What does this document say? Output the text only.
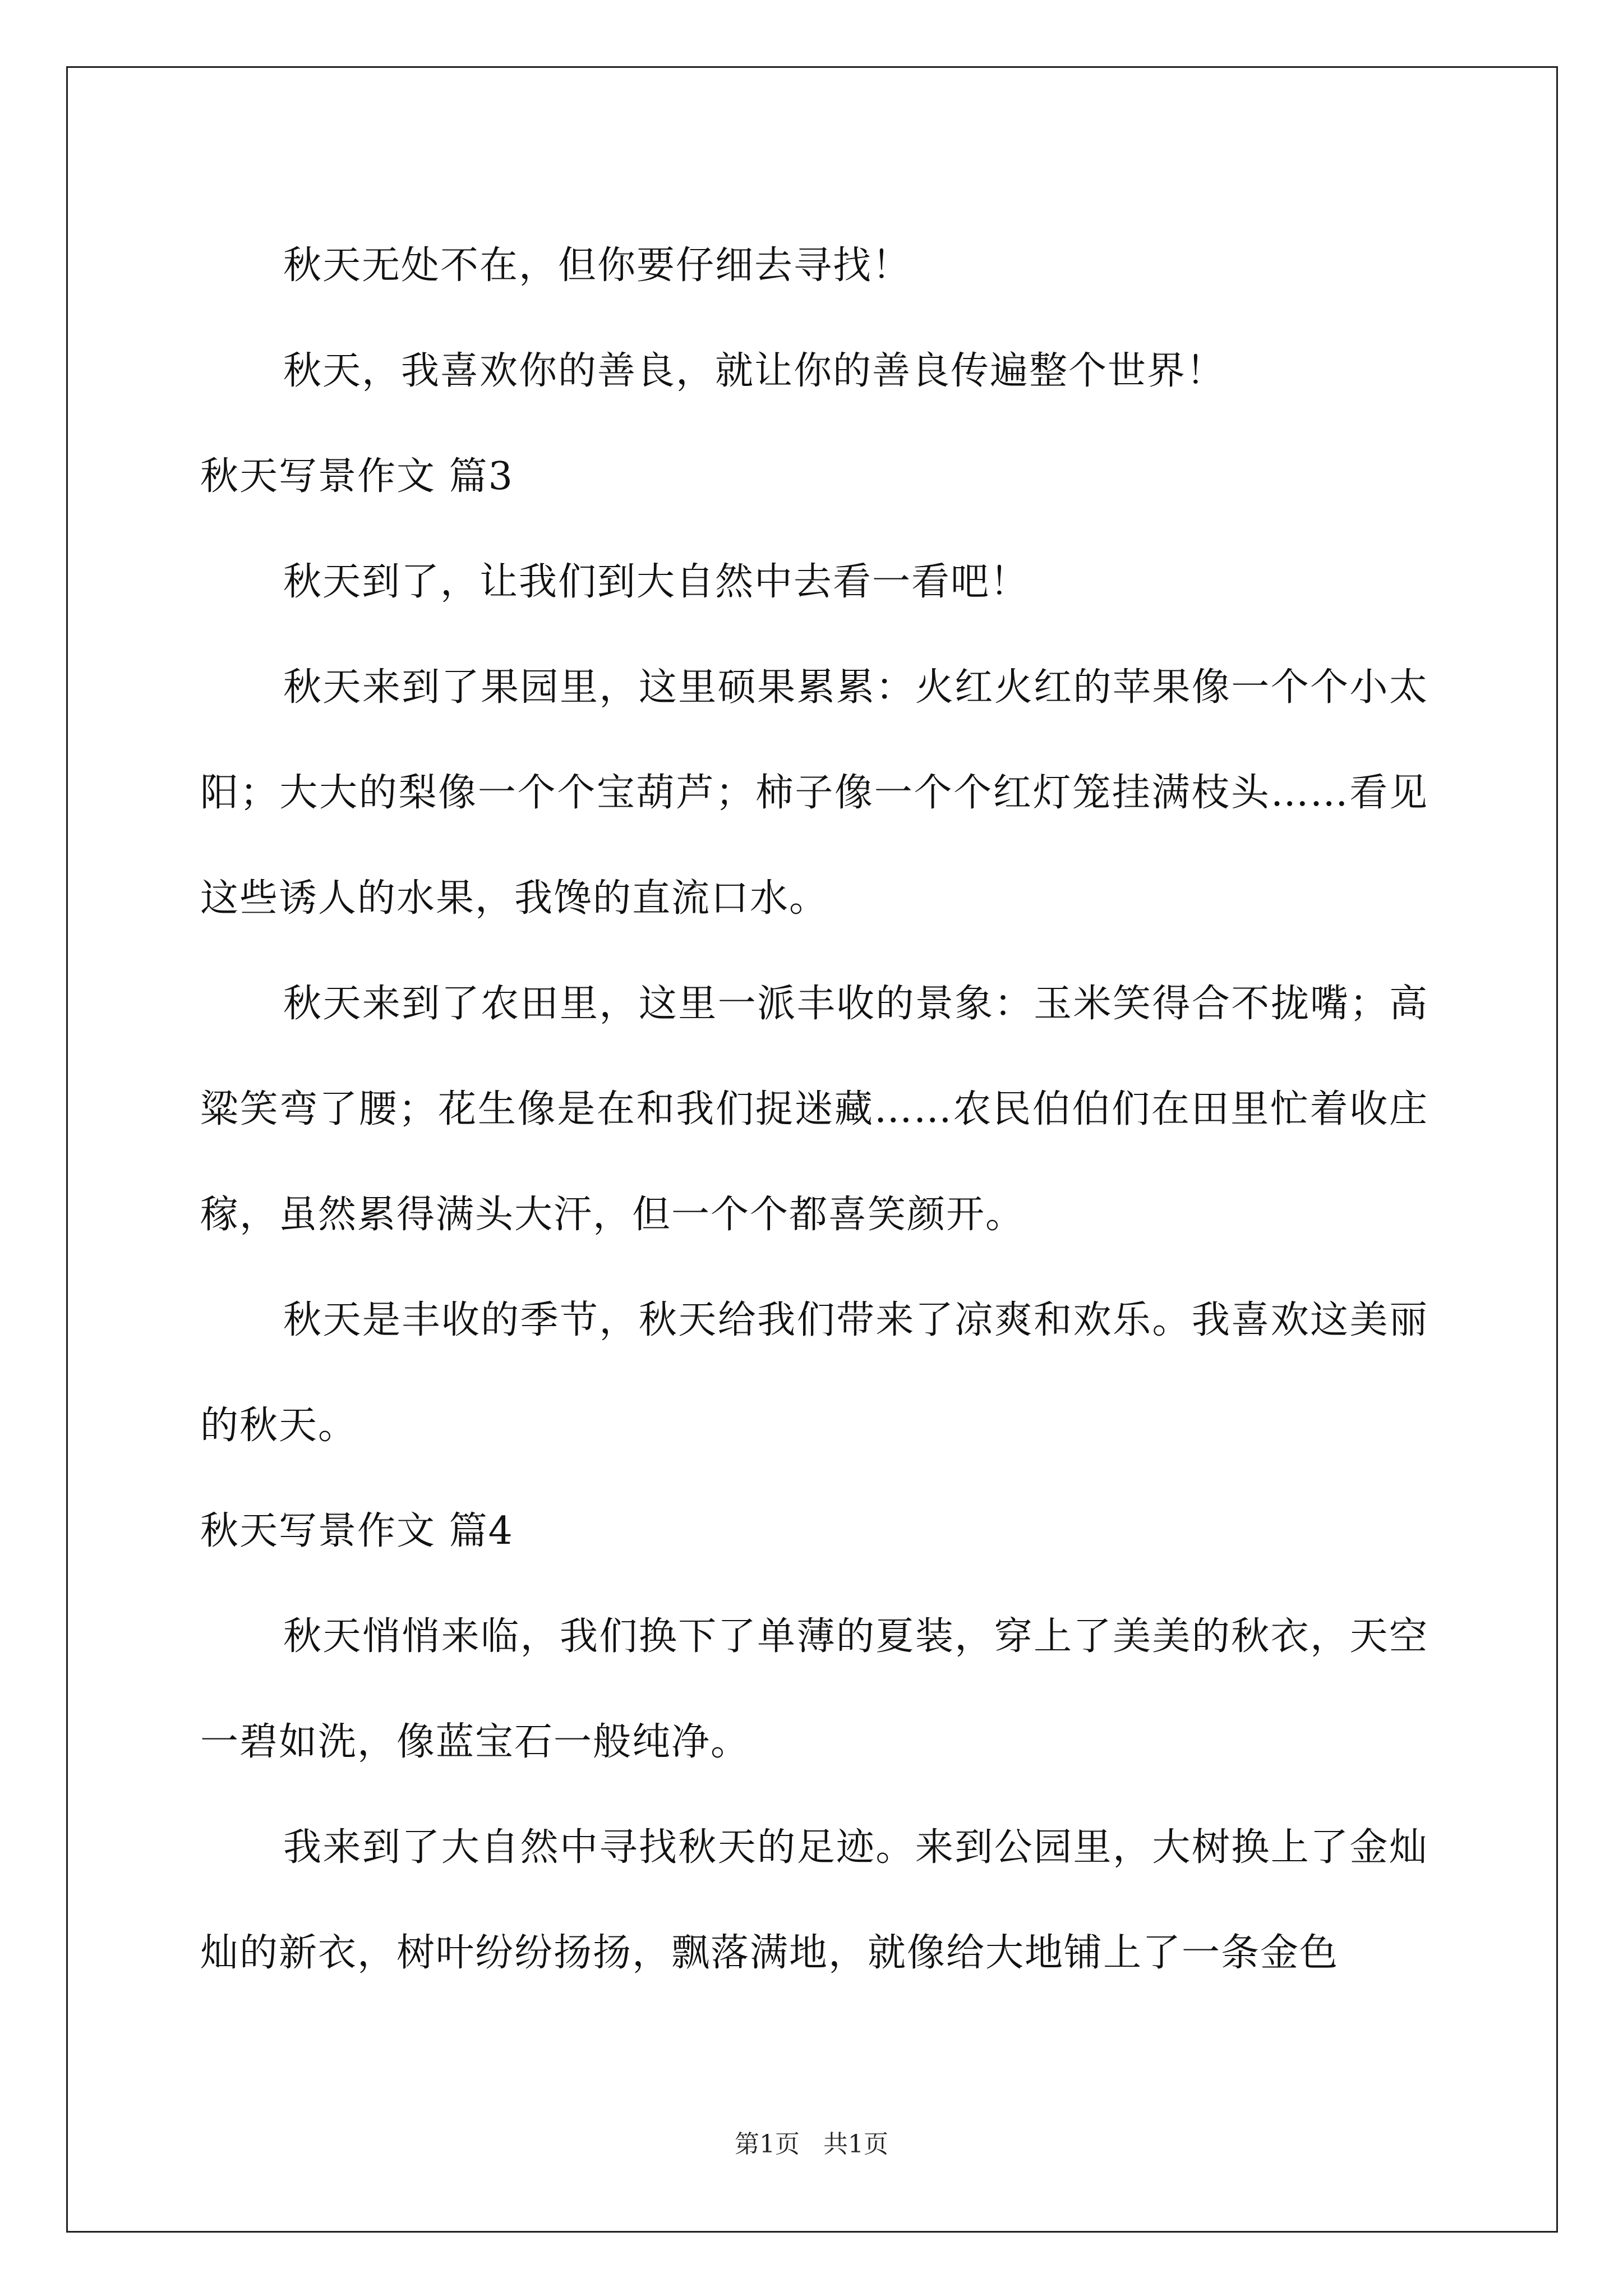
秋天无处不在，但你要仔细去寻找！

秋天，我喜欢你的善良，就让你的善良传遍整个世界！

秋天写景作文 篇3

秋天到了，让我们到大自然中去看一看吧！

秋天来到了果园里，这里硕果累累：火红火红的苹果像一个个小太阳；大大的梨像一个个宝葫芦；柿子像一个个红灯笼挂满枝头……看见这些诱人的水果，我馋的直流口水。

秋天来到了农田里，这里一派丰收的景象：玉米笑得合不拢嘴；高粱笑弯了腰；花生像是在和我们捉迷藏……农民伯伯们在田里忙着收庄稼，虽然累得满头大汗，但一个个都喜笑颜开。

秋天是丰收的季节，秋天给我们带来了凉爽和欢乐。我喜欢这美丽的秋天。

秋天写景作文 篇4

秋天悄悄来临，我们换下了单薄的夏装，穿上了美美的秋衣，天空一碧如洗，像蓝宝石一般纯净。

我来到了大自然中寻找秋天的足迹。来到公园里，大树换上了金灿灿的新衣，树叶纷纷扬扬，飘落满地，就像给大地铺上了一条金色

第1页   共1页
